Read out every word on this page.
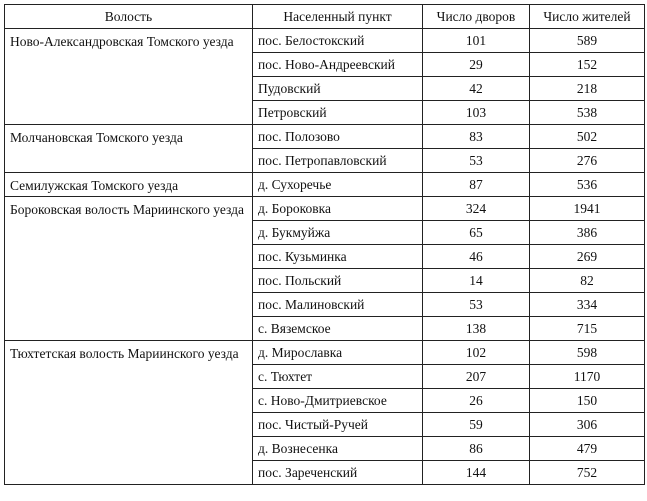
Волость	Населенный пункт	Число дворов	Число жителей
Ново-Александровская Томского уезда	пос. Белостокский	101	589
	пос. Ново-Андреевский	29	152
	Пудовский	42	218
	Петровский	103	538
Молчановская Томского уезда	пос. Полозово	83	502
	пос. Петропавловский	53	276
Семилужская Томского уезда	д. Сухоречье	87	536
Бороковская волость Мариинского уезда	д. Бороковка	324	1941
	д. Букмуйжа	65	386
	пос. Кузьминка	46	269
	пос. Польский	14	82
	пос. Малиновский	53	334
	с. Вяземское	138	715
Тюхтетская волость Мариинского уезда	д. Мирославка	102	598
	с. Тюхтет	207	1170
	с. Ново-Дмитриевское	26	150
	пос. Чистый-Ручей	59	306
	д. Вознесенка	86	479
	пос. Зареченский	144	752
